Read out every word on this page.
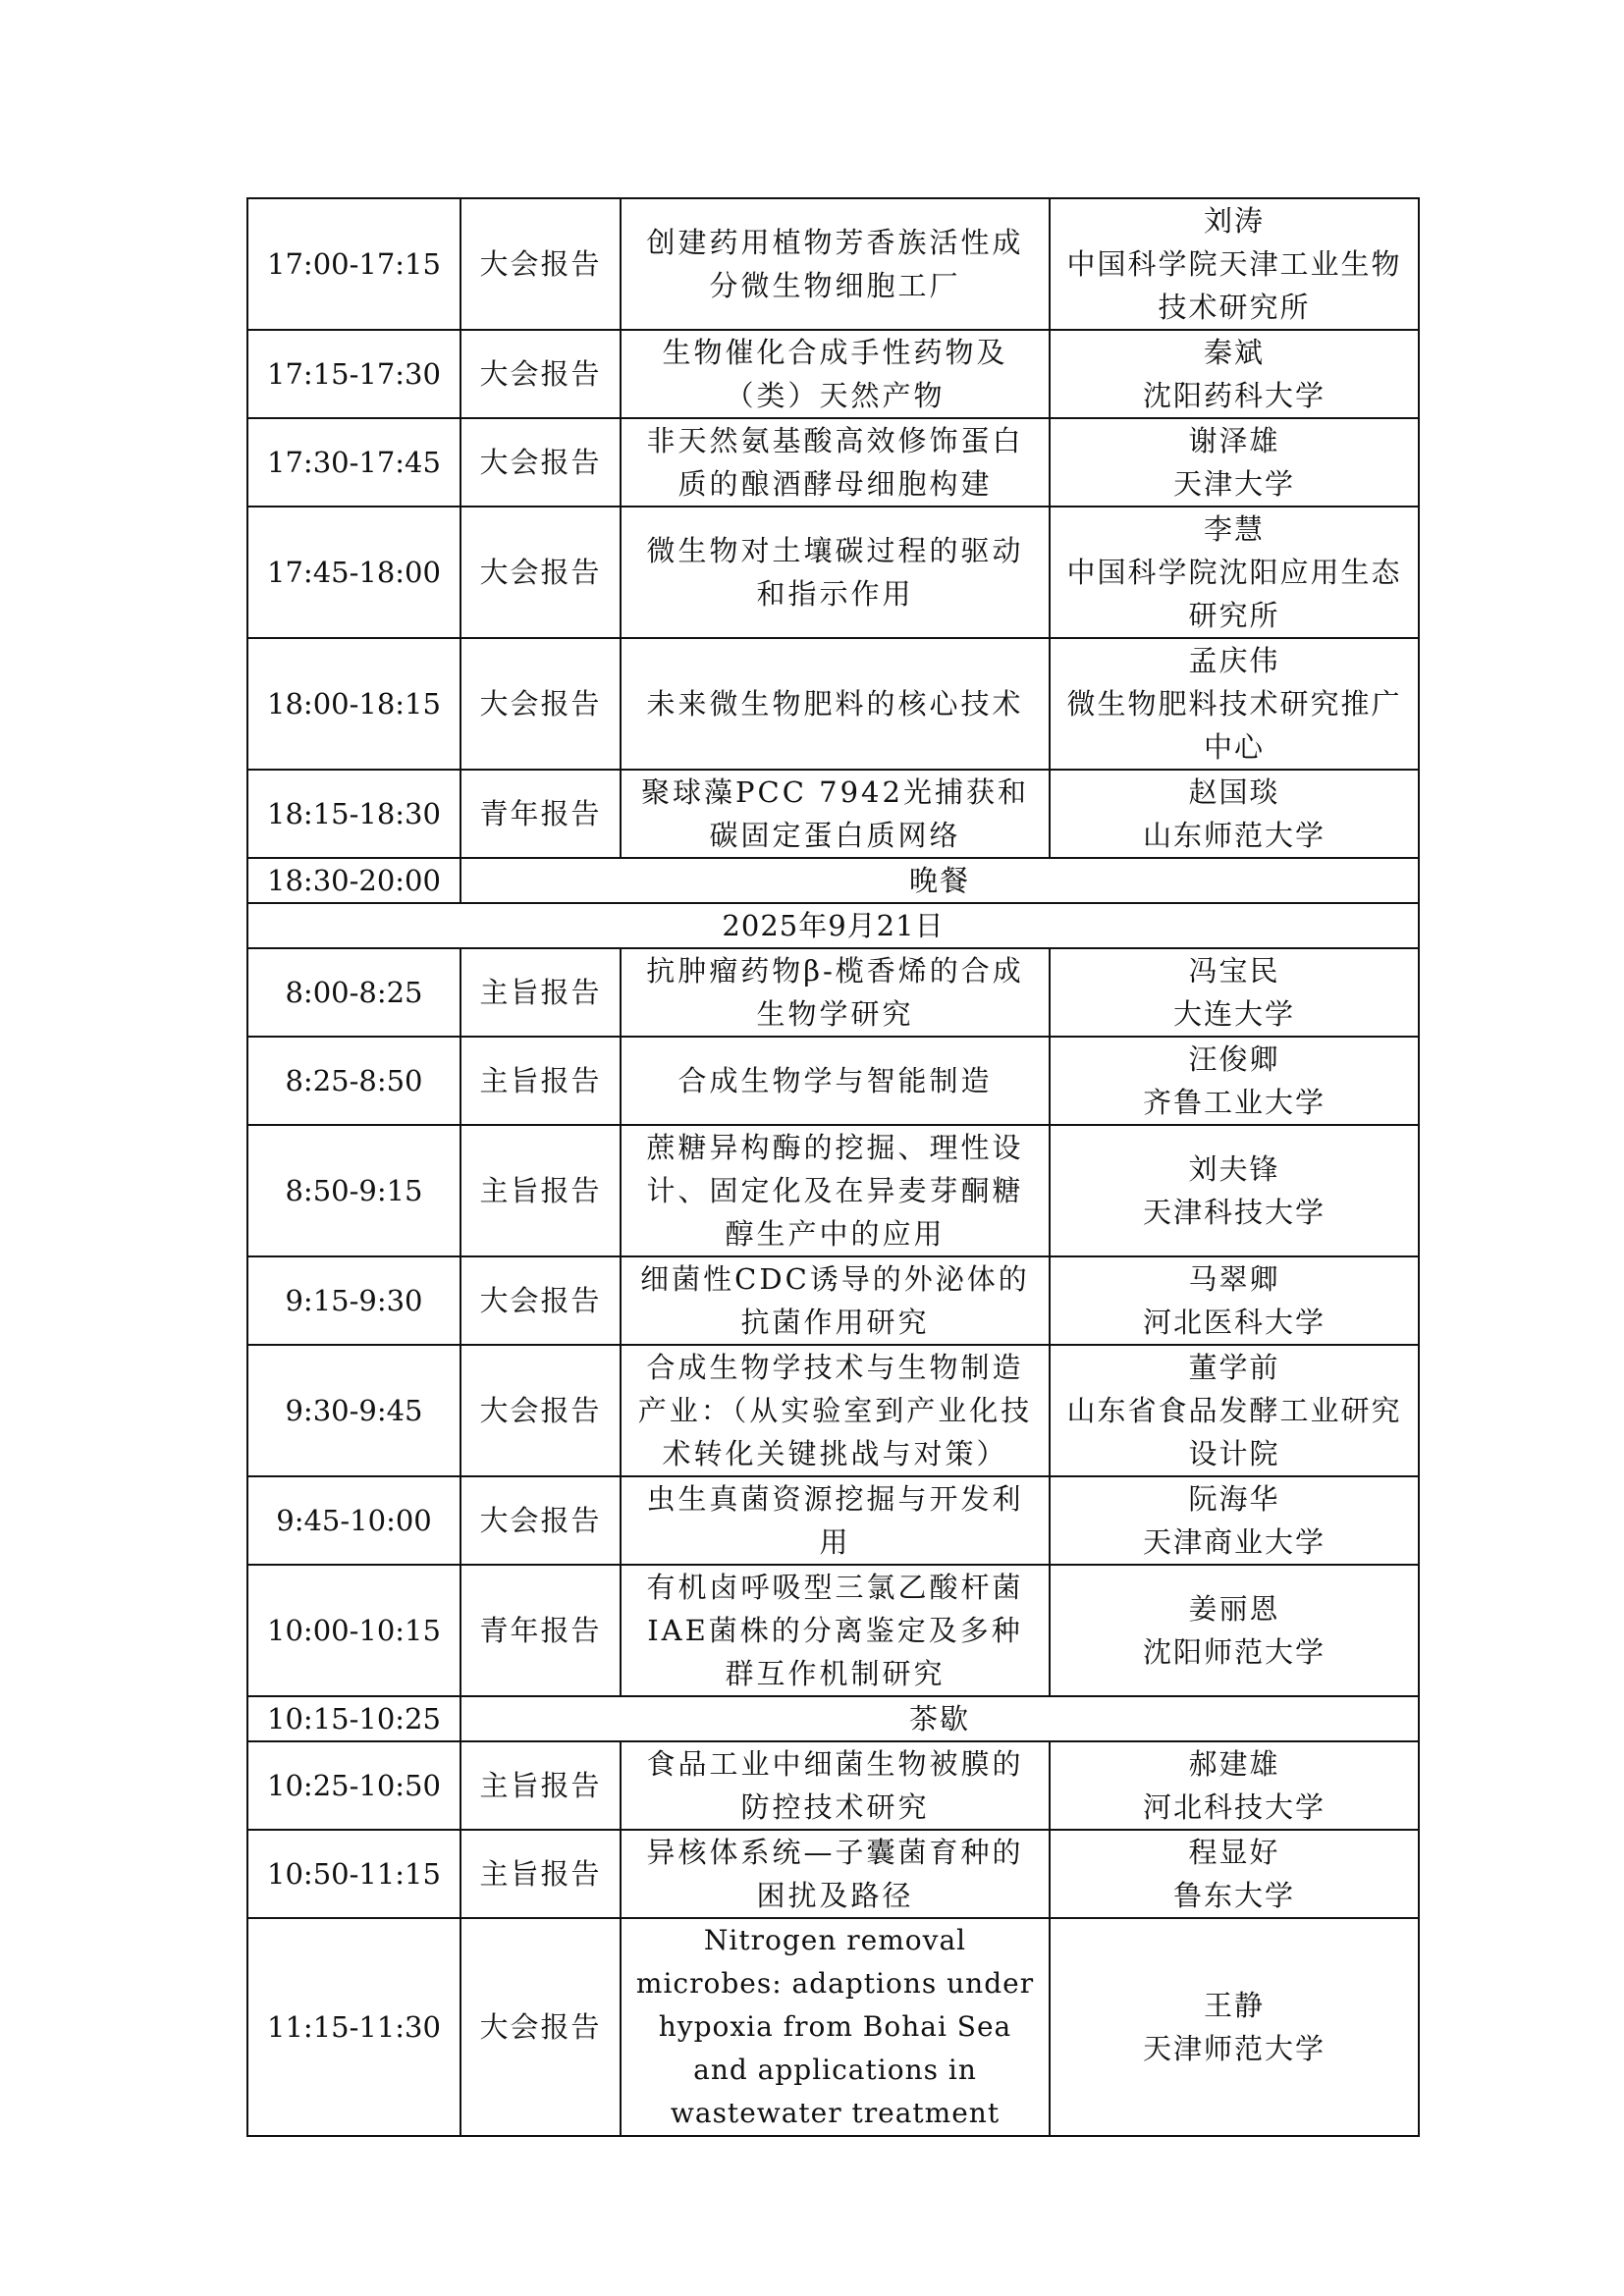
17:00-17:15	大会报告	创建药用植物芳香族活性成分微生物细胞工厂	刘涛
中国科学院天津工业生物技术研究所

17:15-17:30	大会报告	生物催化合成手性药物及（类）天然产物	秦斌
沈阳药科大学

17:30-17:45	大会报告	非天然氨基酸高效修饰蛋白质的酿酒酵母细胞构建	谢泽雄
天津大学

17:45-18:00	大会报告	微生物对土壤碳过程的驱动和指示作用	李慧
中国科学院沈阳应用生态研究所

18:00-18:15	大会报告	未来微生物肥料的核心技术	孟庆伟
微生物肥料技术研究推广中心

18:15-18:30	青年报告	聚球藻PCC 7942光捕获和碳固定蛋白质网络	赵国琰
山东师范大学

18:30-20:00	晚餐		
2025年9月21日			
8:00-8:25	主旨报告	抗肿瘤药物β-榄香烯的合成生物学研究	冯宝民
大连大学

8:25-8:50	主旨报告	合成生物学与智能制造	汪俊卿
齐鲁工业大学

8:50-9:15	主旨报告	蔗糖异构酶的挖掘、理性设计、固定化及在异麦芽酮糖醇生产中的应用	刘夫锋
天津科技大学

9:15-9:30	大会报告	细菌性CDC诱导的外泌体的抗菌作用研究	马翠卿
河北医科大学

9:30-9:45	大会报告	合成生物学技术与生物制造产业：（从实验室到产业化技术转化关键挑战与对策）	董学前
山东省食品发酵工业研究设计院

9:45-10:00	大会报告	虫生真菌资源挖掘与开发利用	阮海华
天津商业大学

10:00-10:15	青年报告	有机卤呼吸型三氯乙酸杆菌IAE菌株的分离鉴定及多种群互作机制研究	姜丽恩
沈阳师范大学

10:15-10:25	茶歇		
10:25-10:50	主旨报告	食品工业中细菌生物被膜的防控技术研究	郝建雄
河北科技大学

10:50-11:15	主旨报告	异核体系统—子囊菌育种的困扰及路径	程显好
鲁东大学

11:15-11:30	大会报告	Nitrogen removal microbes: adaptions under hypoxia from Bohai Sea and applications in wastewater treatment	王静
天津师范大学
